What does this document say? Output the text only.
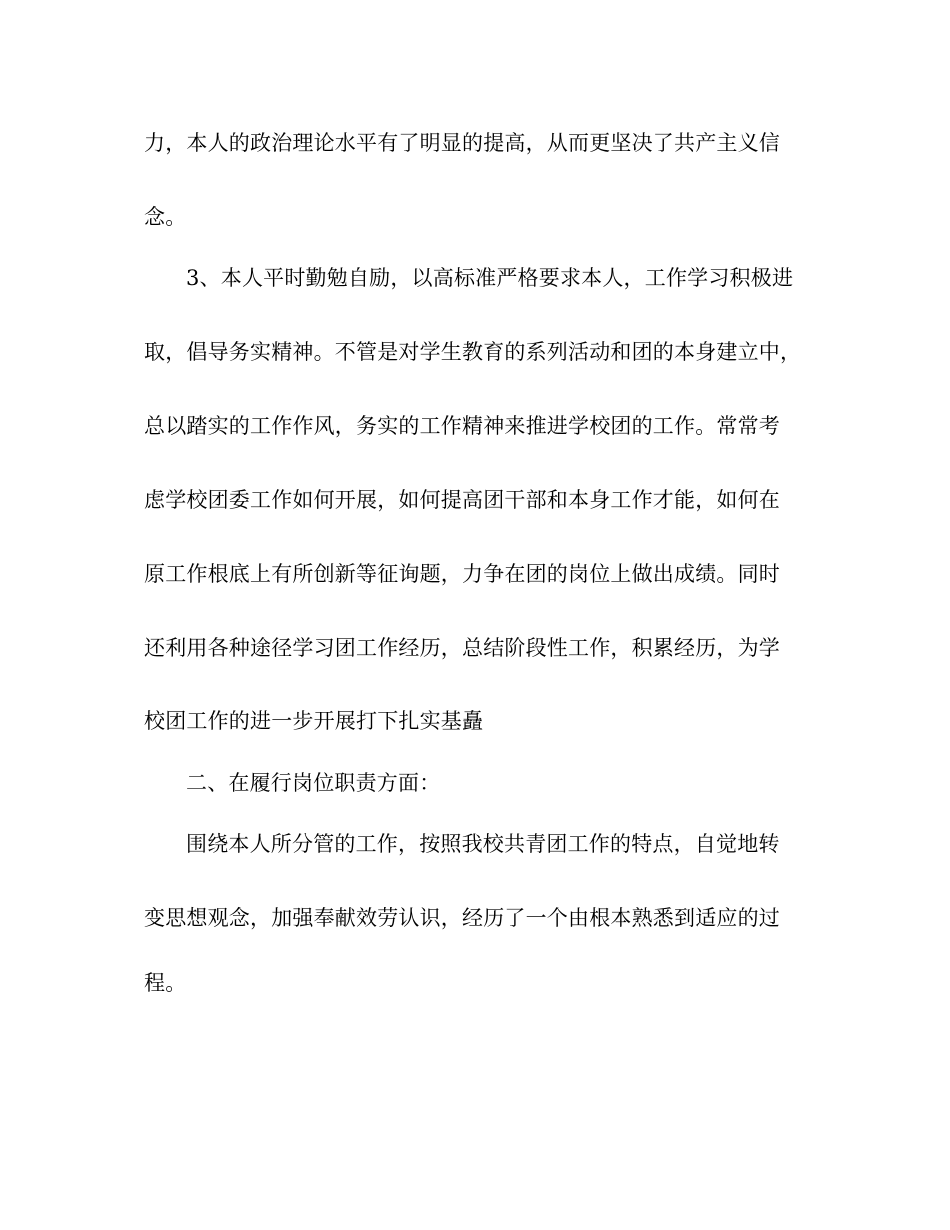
力，本人的政治理论水平有了明显的提高，从而更坚决了共产主义信
念。
3、本人平时勤勉自励，以高标准严格要求本人，工作学习积极进
取，倡导务实精神。不管是对学生教育的系列活动和团的本身建立中，
总以踏实的工作作风，务实的工作精神来推进学校团的工作。常常考
虑学校团委工作如何开展，如何提高团干部和本身工作才能，如何在
原工作根底上有所创新等征询题，力争在团的岗位上做出成绩。同时
还利用各种途径学习团工作经历，总结阶段性工作，积累经历，为学
校团工作的进一步开展打下扎实基矗
二、在履行岗位职责方面：
围绕本人所分管的工作，按照我校共青团工作的特点，自觉地转
变思想观念，加强奉献效劳认识，经历了一个由根本熟悉到适应的过
程。
